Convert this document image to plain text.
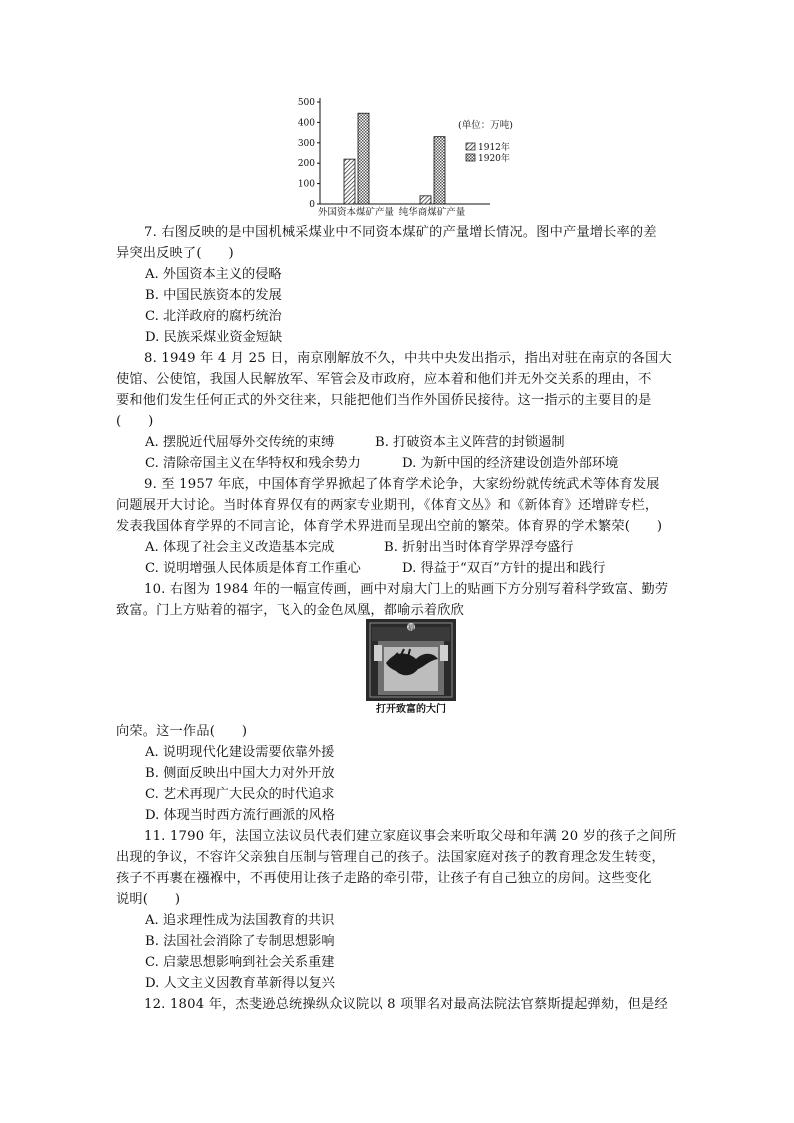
0
100
200
300
400
500
外国资本煤矿产量 纯华商煤矿产量
(单位：万吨)
1912年
1920年
7. 右图反映的是中国机械采煤业中不同资本煤矿的产量增长情况。图中产量增长率的差
异突出反映了(　　)
A. 外国资本主义的侵略
B. 中国民族资本的发展
C. 北洋政府的腐朽统治
D. 民族采煤业资金短缺
8. 1949 年 4 月 25 日，南京刚解放不久，中共中央发出指示，指出对驻在南京的各国大
使馆、公使馆，我国人民解放军、军管会及市政府，应本着和他们并无外交关系的理由，不
要和他们发生任何正式的外交往来，只能把他们当作外国侨民接待。这一指示的主要目的是
(　　)
A. 摆脱近代屈辱外交传统的束缚	B. 打破资本主义阵营的封锁遏制
C. 清除帝国主义在华特权和残余势力	D. 为新中国的经济建设创造外部环境
9. 至 1957 年底，中国体育学界掀起了体育学术论争，大家纷纷就传统武术等体育发展
问题展开大讨论。当时体育界仅有的两家专业期刊，《体育文丛》和《新体育》还增辟专栏，
发表我国体育学界的不同言论，体育学术界进而呈现出空前的繁荣。体育界的学术繁荣(　　)
A. 体现了社会主义改造基本完成	B. 折射出当时体育学界浮夸盛行
C. 说明增强人民体质是体育工作重心	D. 得益于“双百”方针的提出和践行
10. 右图为 1984 年的一幅宣传画，画中对扇大门上的贴画下方分别写着科学致富、勤劳
致富。门上方贴着的福字，飞入的金色凤凰，都喻示着欣欣
福
打开致富的大门
向荣。这一作品(　　)
A. 说明现代化建设需要依靠外援
B. 侧面反映出中国大力对外开放
C. 艺术再现广大民众的时代追求
D. 体现当时西方流行画派的风格
11. 1790 年，法国立法议员代表们建立家庭议事会来听取父母和年满 20 岁的孩子之间所
出现的争议，不容许父亲独自压制与管理自己的孩子。法国家庭对孩子的教育理念发生转变，
孩子不再裹在襁褓中，不再使用让孩子走路的牵引带，让孩子有自己独立的房间。这些变化
说明(　　)
A. 追求理性成为法国教育的共识
B. 法国社会消除了专制思想影响
C. 启蒙思想影响到社会关系重建
D. 人文主义因教育革新得以复兴
12. 1804 年，杰斐逊总统操纵众议院以 8 项罪名对最高法院法官蔡斯提起弹劾，但是经
